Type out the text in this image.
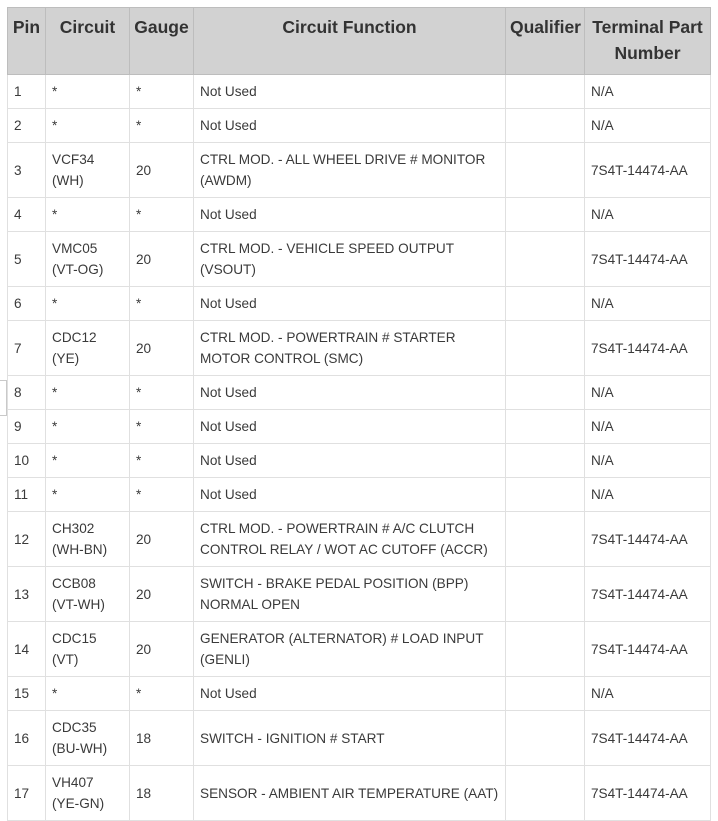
Pin	Circuit	Gauge	Circuit Function	Qualifier	Terminal Part Number
1	*	*	Not Used		N/A
2	*	*	Not Used		N/A
3	VCF34 (WH)	20	CTRL MOD. - ALL WHEEL DRIVE # MONITOR (AWDM)		7S4T-14474-AA
4	*	*	Not Used		N/A
5	VMC05 (VT-OG)	20	CTRL MOD. - VEHICLE SPEED OUTPUT (VSOUT)		7S4T-14474-AA
6	*	*	Not Used		N/A
7	CDC12 (YE)	20	CTRL MOD. - POWERTRAIN # STARTER MOTOR CONTROL (SMC)		7S4T-14474-AA
8	*	*	Not Used		N/A
9	*	*	Not Used		N/A
10	*	*	Not Used		N/A
11	*	*	Not Used		N/A
12	CH302 (WH-BN)	20	CTRL MOD. - POWERTRAIN # A/C CLUTCH CONTROL RELAY / WOT AC CUTOFF (ACCR)		7S4T-14474-AA
13	CCB08 (VT-WH)	20	SWITCH - BRAKE PEDAL POSITION (BPP) NORMAL OPEN		7S4T-14474-AA
14	CDC15 (VT)	20	GENERATOR (ALTERNATOR) # LOAD INPUT (GENLI)		7S4T-14474-AA
15	*	*	Not Used		N/A
16	CDC35 (BU-WH)	18	SWITCH - IGNITION # START		7S4T-14474-AA
17	VH407 (YE-GN)	18	SENSOR - AMBIENT AIR TEMPERATURE (AAT)		7S4T-14474-AA
